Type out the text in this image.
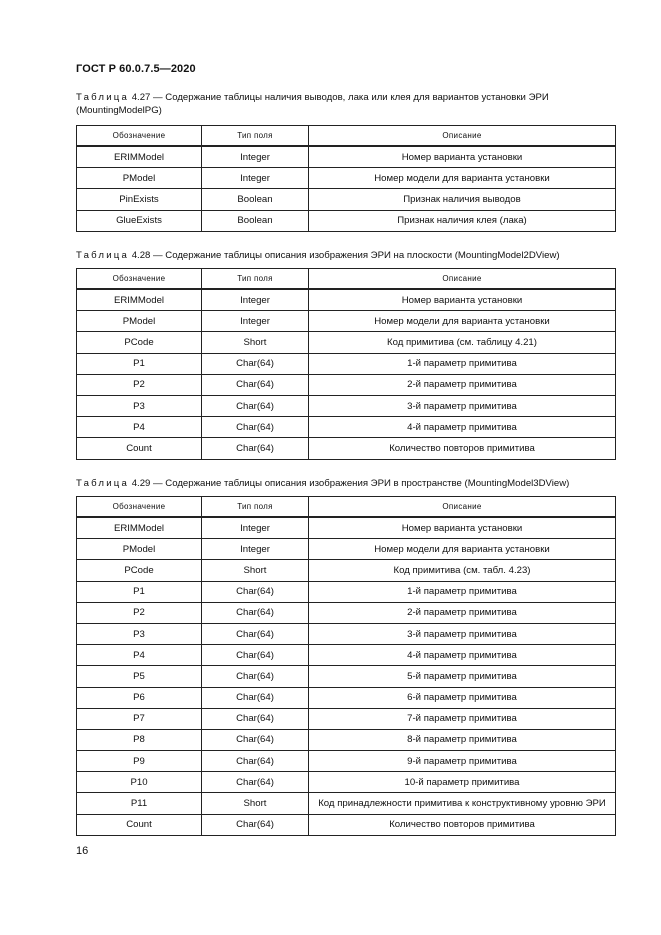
ГОСТ Р 60.0.7.5—2020
Таблица 4.27 — Содержание таблицы наличия выводов, лака или клея для вариантов установки ЭРИ (MountingModelPG)
Обозначение	Тип поля	Описание
ERIMModel	Integer	Номер варианта установки
PModel	Integer	Номер модели для варианта установки
PinExists	Boolean	Признак наличия выводов
GlueExists	Boolean	Признак наличия клея (лака)
Таблица 4.28 — Содержание таблицы описания изображения ЭРИ на плоскости (MountingModel2DView)
Обозначение	Тип поля	Описание
ERIMModel	Integer	Номер варианта установки
PModel	Integer	Номер модели для варианта установки
PCode	Short	Код примитива (см. таблицу 4.21)
P1	Char(64)	1-й параметр примитива
P2	Char(64)	2-й параметр примитива
P3	Char(64)	3-й параметр примитива
P4	Char(64)	4-й параметр примитива
Count	Char(64)	Количество повторов примитива
Таблица 4.29 — Содержание таблицы описания изображения ЭРИ в пространстве (MountingModel3DView)
Обозначение	Тип поля	Описание
ERIMModel	Integer	Номер варианта установки
PModel	Integer	Номер модели для варианта установки
PCode	Short	Код примитива (см. табл. 4.23)
P1	Char(64)	1-й параметр примитива
P2	Char(64)	2-й параметр примитива
P3	Char(64)	3-й параметр примитива
P4	Char(64)	4-й параметр примитива
P5	Char(64)	5-й параметр примитива
P6	Char(64)	6-й параметр примитива
P7	Char(64)	7-й параметр примитива
P8	Char(64)	8-й параметр примитива
P9	Char(64)	9-й параметр примитива
P10	Char(64)	10-й параметр примитива
P11	Short	Код принадлежности примитива к конструктивному уровню ЭРИ
Count	Char(64)	Количество повторов примитива
16
